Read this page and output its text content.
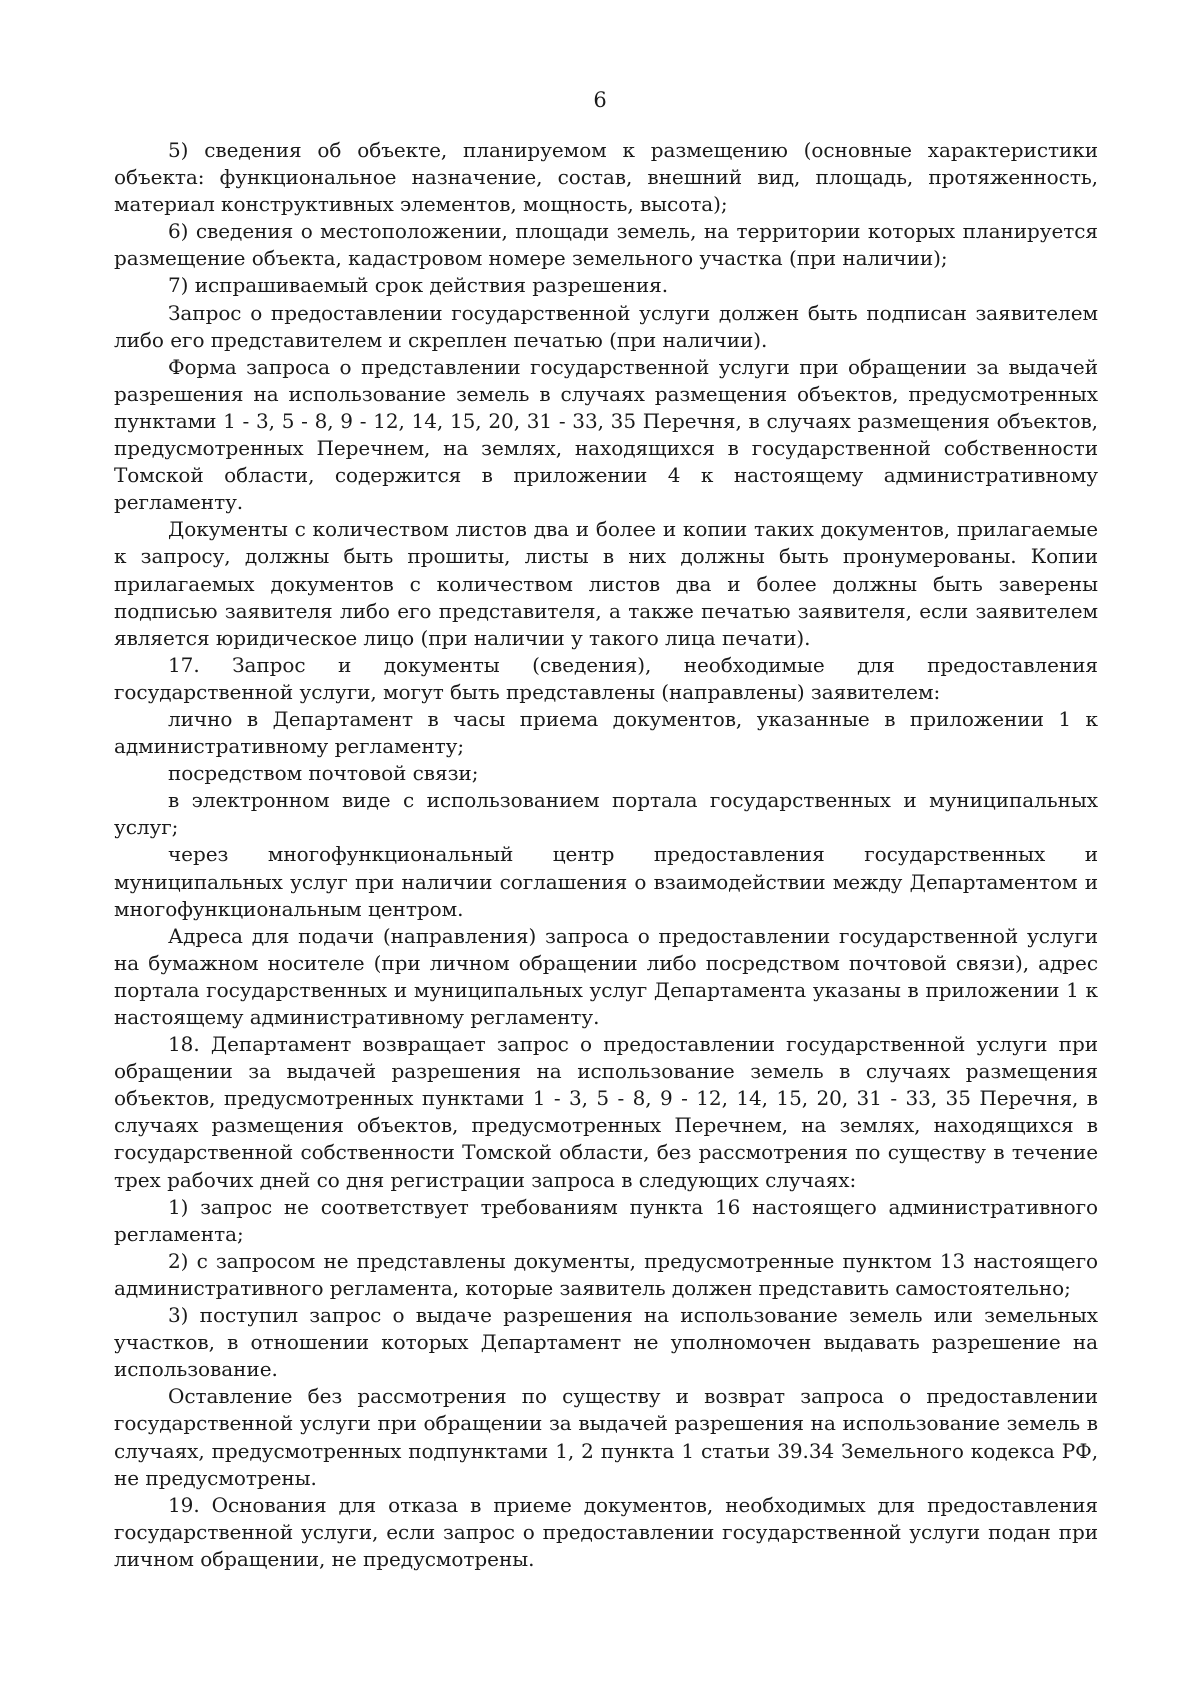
6

5) сведения об объекте, планируемом к размещению (основные характеристики объекта: функциональное назначение, состав, внешний вид, площадь, протяженность, материал конструктивных элементов, мощность, высота);

6) сведения о местоположении, площади земель, на территории которых планируется размещение объекта, кадастровом номере земельного участка (при наличии);

7) испрашиваемый срок действия разрешения.

Запрос о предоставлении государственной услуги должен быть подписан заявителем либо его представителем и скреплен печатью (при наличии).

Форма запроса о представлении государственной услуги при обращении за выдачей разрешения на использование земель в случаях размещения объектов, предусмотренных пунктами 1 - 3, 5 - 8, 9 - 12, 14, 15, 20, 31 - 33, 35 Перечня, в случаях размещения объектов, предусмотренных Перечнем, на землях, находящихся в государственной собственности Томской области, содержится в приложении 4 к настоящему административному регламенту.

Документы с количеством листов два и более и копии таких документов, прилагаемые к запросу, должны быть прошиты, листы в них должны быть пронумерованы. Копии прилагаемых документов с количеством листов два и более должны быть заверены подписью заявителя либо его представителя, а также печатью заявителя, если заявителем является юридическое лицо (при наличии у такого лица печати).

17. Запрос и документы (сведения), необходимые для предоставления государственной услуги, могут быть представлены (направлены) заявителем:

лично в Департамент в часы приема документов, указанные в приложении 1 к административному регламенту;

посредством почтовой связи;

в электронном виде с использованием портала государственных и муниципальных услуг;

через многофункциональный центр предоставления государственных и муниципальных услуг при наличии соглашения о взаимодействии между Департаментом и многофункциональным центром.

Адреса для подачи (направления) запроса о предоставлении государственной услуги на бумажном носителе (при личном обращении либо посредством почтовой связи), адрес портала государственных и муниципальных услуг Департамента указаны в приложении 1 к настоящему административному регламенту.

18. Департамент возвращает запрос о предоставлении государственной услуги при обращении за выдачей разрешения на использование земель в случаях размещения объектов, предусмотренных пунктами 1 - 3, 5 - 8, 9 - 12, 14, 15, 20, 31 - 33, 35 Перечня, в случаях размещения объектов, предусмотренных Перечнем, на землях, находящихся в государственной собственности Томской области, без рассмотрения по существу в течение трех рабочих дней со дня регистрации запроса в следующих случаях:

1) запрос не соответствует требованиям пункта 16 настоящего административного регламента;

2) с запросом не представлены документы, предусмотренные пунктом 13 настоящего административного регламента, которые заявитель должен представить самостоятельно;

3) поступил запрос о выдаче разрешения на использование земель или земельных участков, в отношении которых Департамент не уполномочен выдавать разрешение на использование.

Оставление без рассмотрения по существу и возврат запроса о предоставлении государственной услуги при обращении за выдачей разрешения на использование земель в случаях, предусмотренных подпунктами 1, 2 пункта 1 статьи 39.34 Земельного кодекса РФ, не предусмотрены.

19. Основания для отказа в приеме документов, необходимых для предоставления государственной услуги, если запрос о предоставлении государственной услуги подан при личном обращении, не предусмотрены.
